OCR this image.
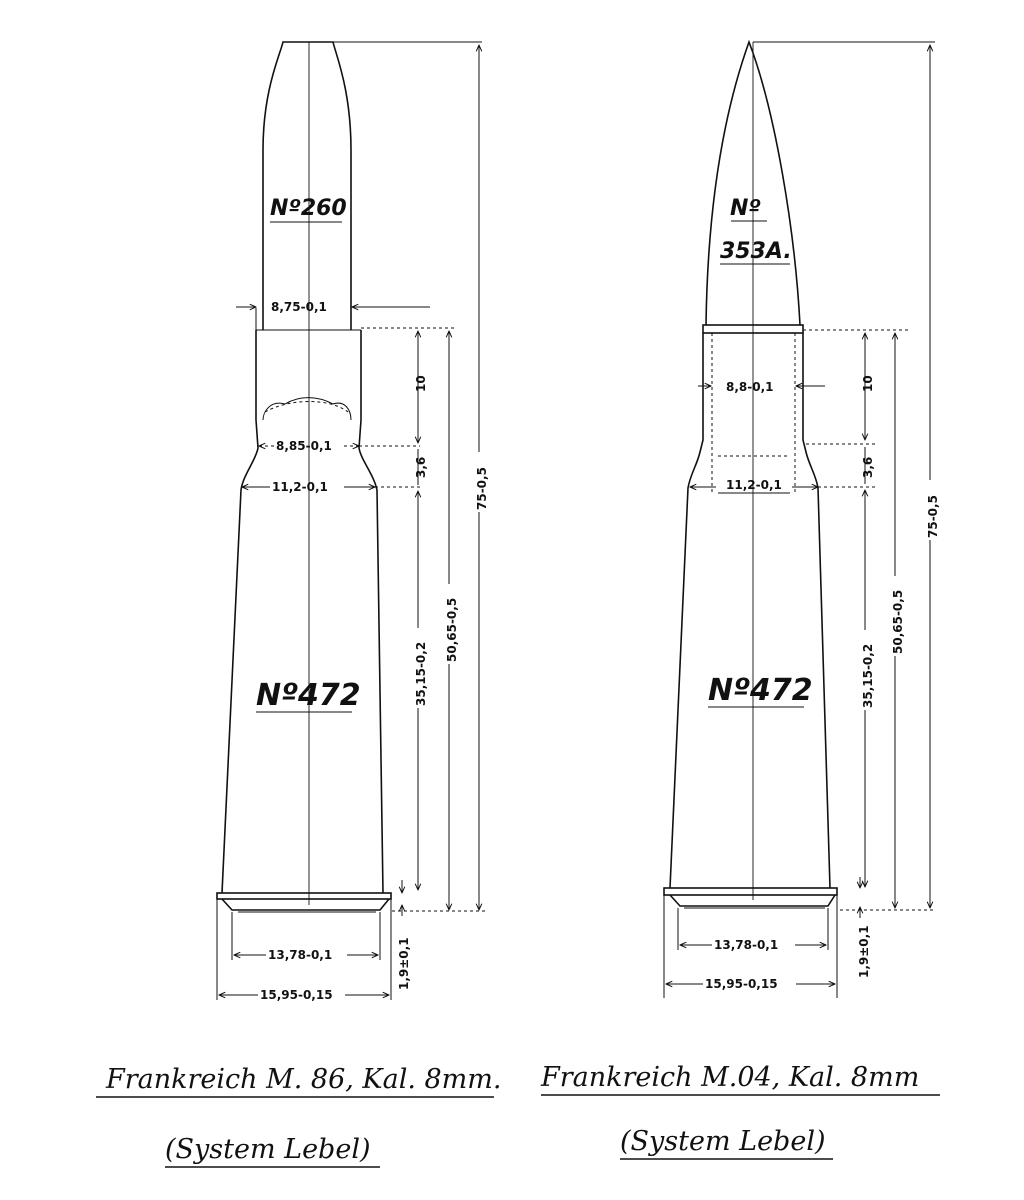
Nº260
Nº472
8,75-0,1
8,85-0,1
11,2-0,1
10
3,6
35,15-0,2
50,65-0,5
75-0,5
13,78-0,1
15,95-0,15
1,9±0,1
Nº
353A.
Nº472
8,8-0,1
11,2-0,1
10
3,6
35,15-0,2
50,65-0,5
75-0,5
13,78-0,1
15,95-0,15
1,9±0,1
Frankreich M. 86, Kal. 8mm.
(System Lebel)
Frankreich M.04, Kal. 8mm
(System Lebel)
